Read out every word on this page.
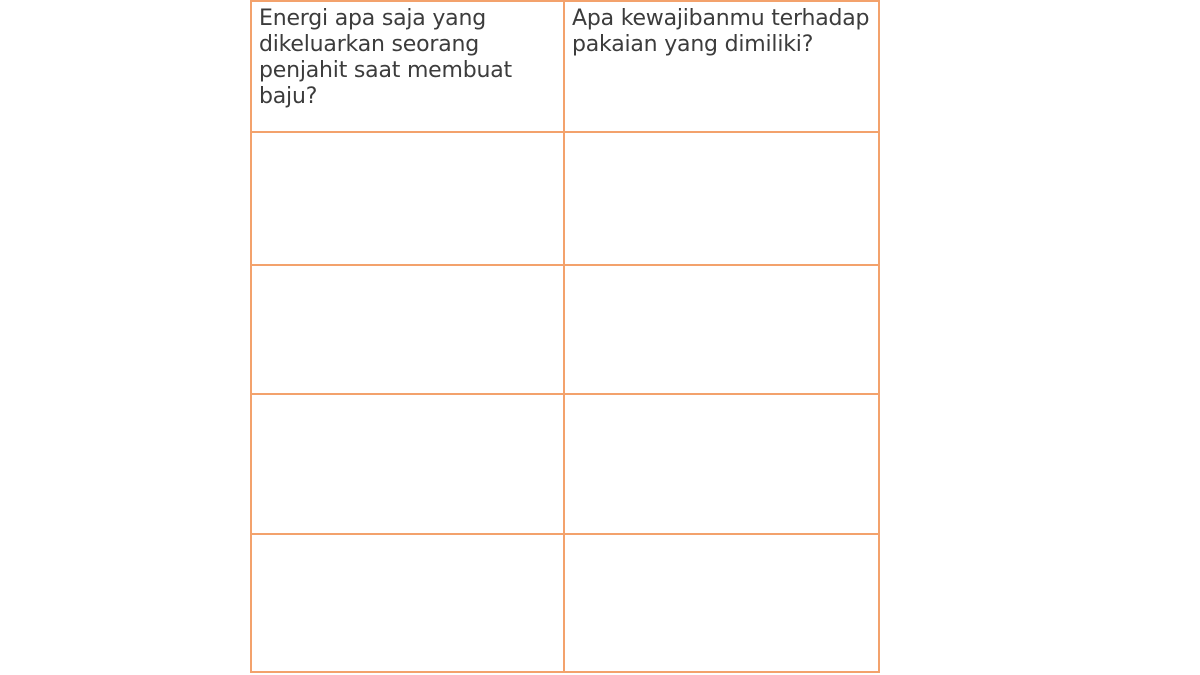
Energi apa saja yang dikeluarkan seorang penjahit saat membuat baju?	Apa kewajibanmu terhadap pakaian yang dimiliki?
